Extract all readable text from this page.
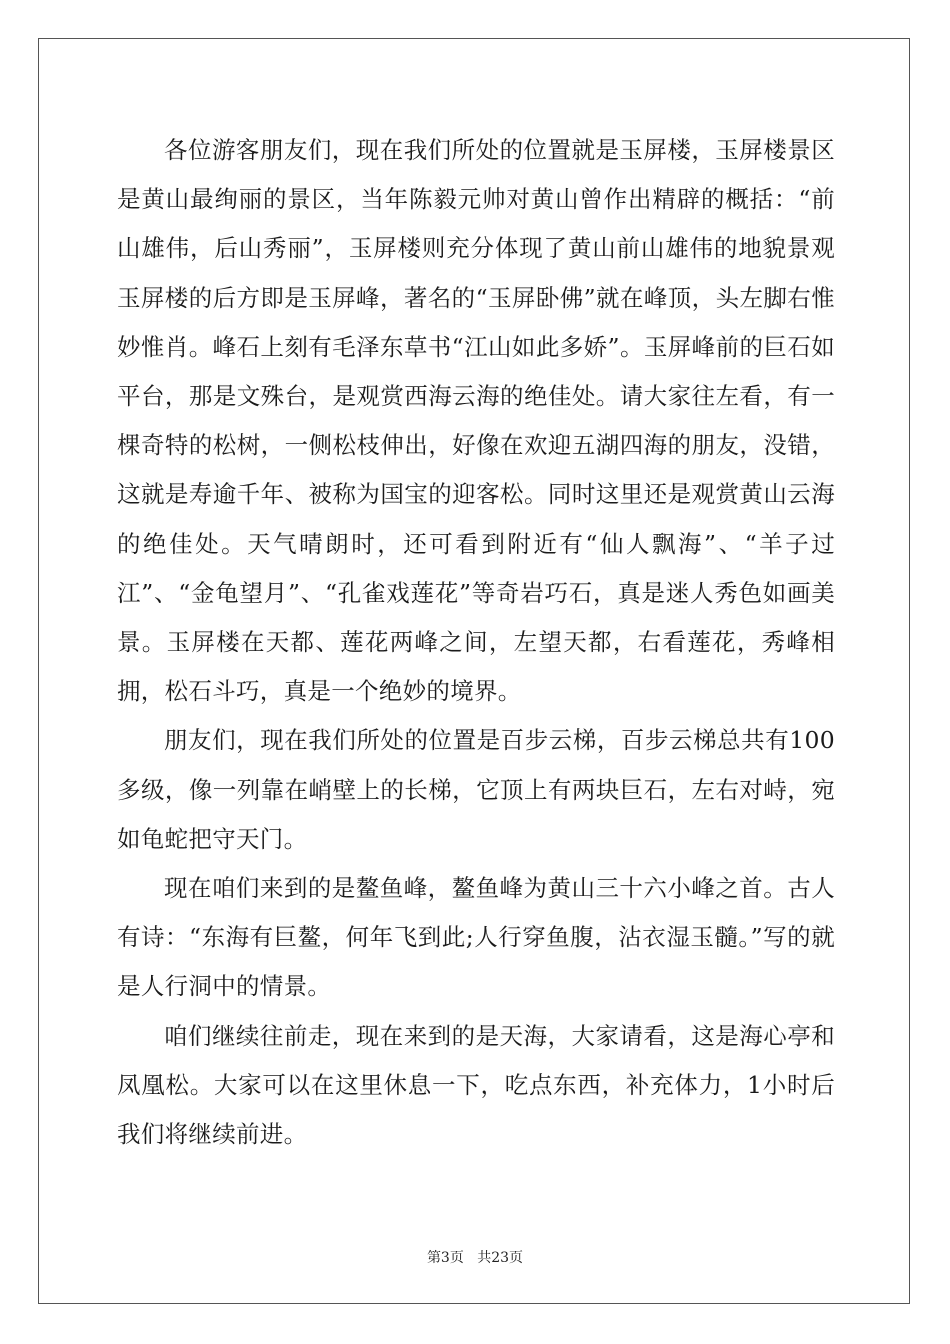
各位游客朋友们，现在我们所处的位置就是玉屏楼，玉屏楼景区是黄山最绚丽的景区，当年陈毅元帅对黄山曾作出精辟的概括：“前山雄伟，后山秀丽”，玉屏楼则充分体现了黄山前山雄伟的地貌景观玉屏楼的后方即是玉屏峰，著名的“玉屏卧佛”就在峰顶，头左脚右惟妙惟肖。峰石上刻有毛泽东草书“江山如此多娇”。玉屏峰前的巨石如平台，那是文殊台，是观赏西海云海的绝佳处。请大家往左看，有一棵奇特的松树，一侧松枝伸出，好像在欢迎五湖四海的朋友，没错，这就是寿逾千年、被称为国宝的迎客松。同时这里还是观赏黄山云海的绝佳处。天气晴朗时，还可看到附近有“仙人飘海”、“羊子过江”、“金龟望月”、“孔雀戏莲花”等奇岩巧石，真是迷人秀色如画美景。玉屏楼在天都、莲花两峰之间，左望天都，右看莲花，秀峰相拥，松石斗巧，真是一个绝妙的境界。

朋友们，现在我们所处的位置是百步云梯，百步云梯总共有100多级，像一列靠在峭壁上的长梯，它顶上有两块巨石，左右对峙，宛如龟蛇把守天门。

现在咱们来到的是鳌鱼峰，鳌鱼峰为黄山三十六小峰之首。古人有诗：“东海有巨鳌，何年飞到此;人行穿鱼腹，沾衣湿玉髓。”写的就是人行洞中的情景。

咱们继续往前走，现在来到的是天海，大家请看，这是海心亭和凤凰松。大家可以在这里休息一下，吃点东西，补充体力，1小时后我们将继续前进。

第3页 共23页
